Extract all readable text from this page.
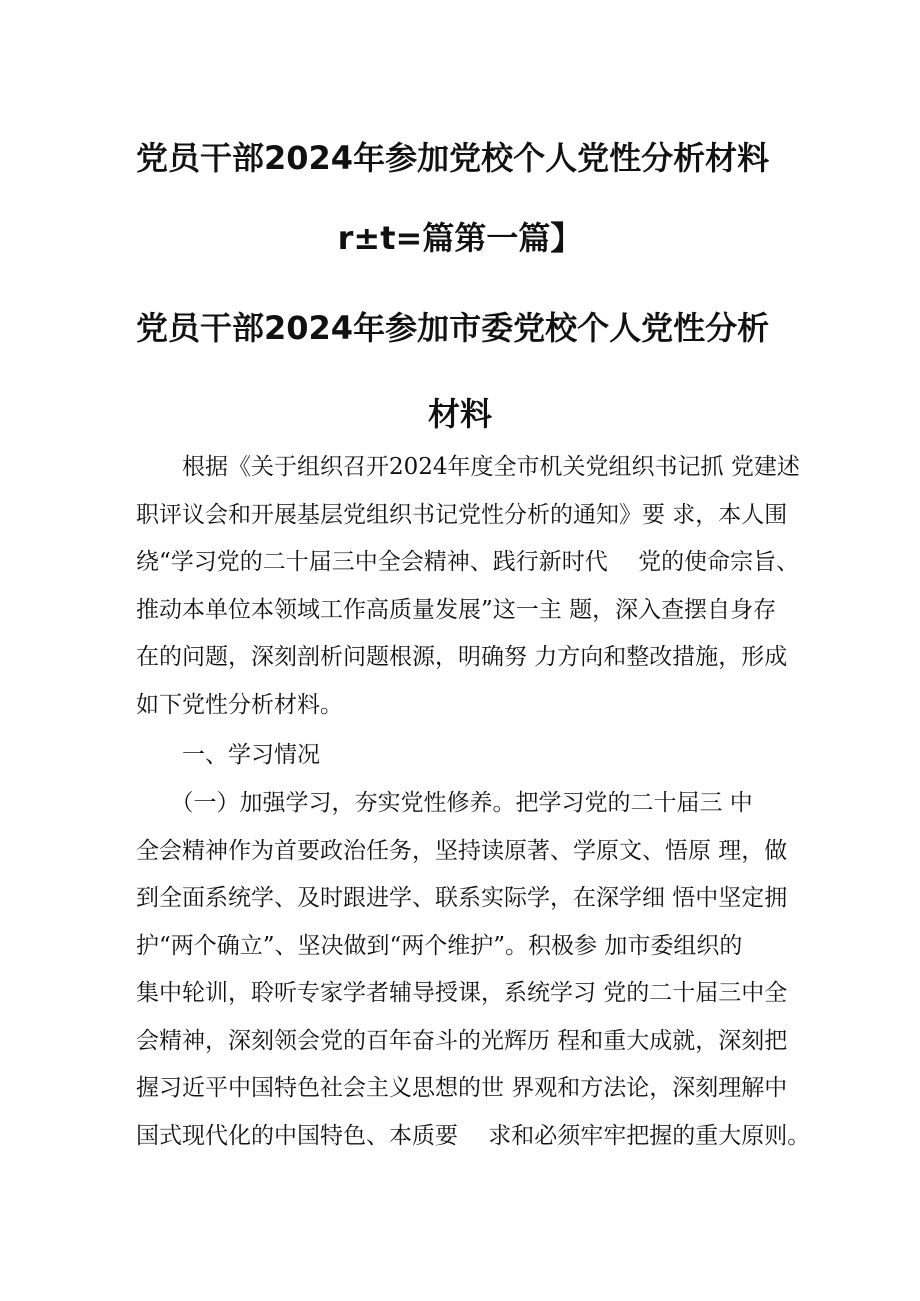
党员干部2024年参加党校个人党性分析材料
r±t=篇第一篇】
党员干部2024年参加市委党校个人党性分析
材料
　　根据《关于组织召开2024年度全市机关党组织书记抓 党建述
职评议会和开展基层党组织书记党性分析的通知》要 求，本人围
绕“学习党的二十届三中全会精神、践行新时代　 党的使命宗旨、
推动本单位本领域工作高质量发展”这一主 题，深入查摆自身存
在的问题，深刻剖析问题根源，明确努 力方向和整改措施，形成
如下党性分析材料。
一、学习情况
　　（一）加强学习，夯实党性修养。把学习党的二十届三 中
全会精神作为首要政治任务，坚持读原著、学原文、悟原 理，做
到全面系统学、及时跟进学、联系实际学，在深学细 悟中坚定拥
护“两个确立”、坚决做到“两个维护”。积极参 加市委组织的
集中轮训，聆听专家学者辅导授课，系统学习 党的二十届三中全
会精神，深刻领会党的百年奋斗的光辉历 程和重大成就，深刻把
握习近平中国特色社会主义思想的世 界观和方法论，深刻理解中
国式现代化的中国特色、本质要　 求和必须牢牢把握的重大原则。
